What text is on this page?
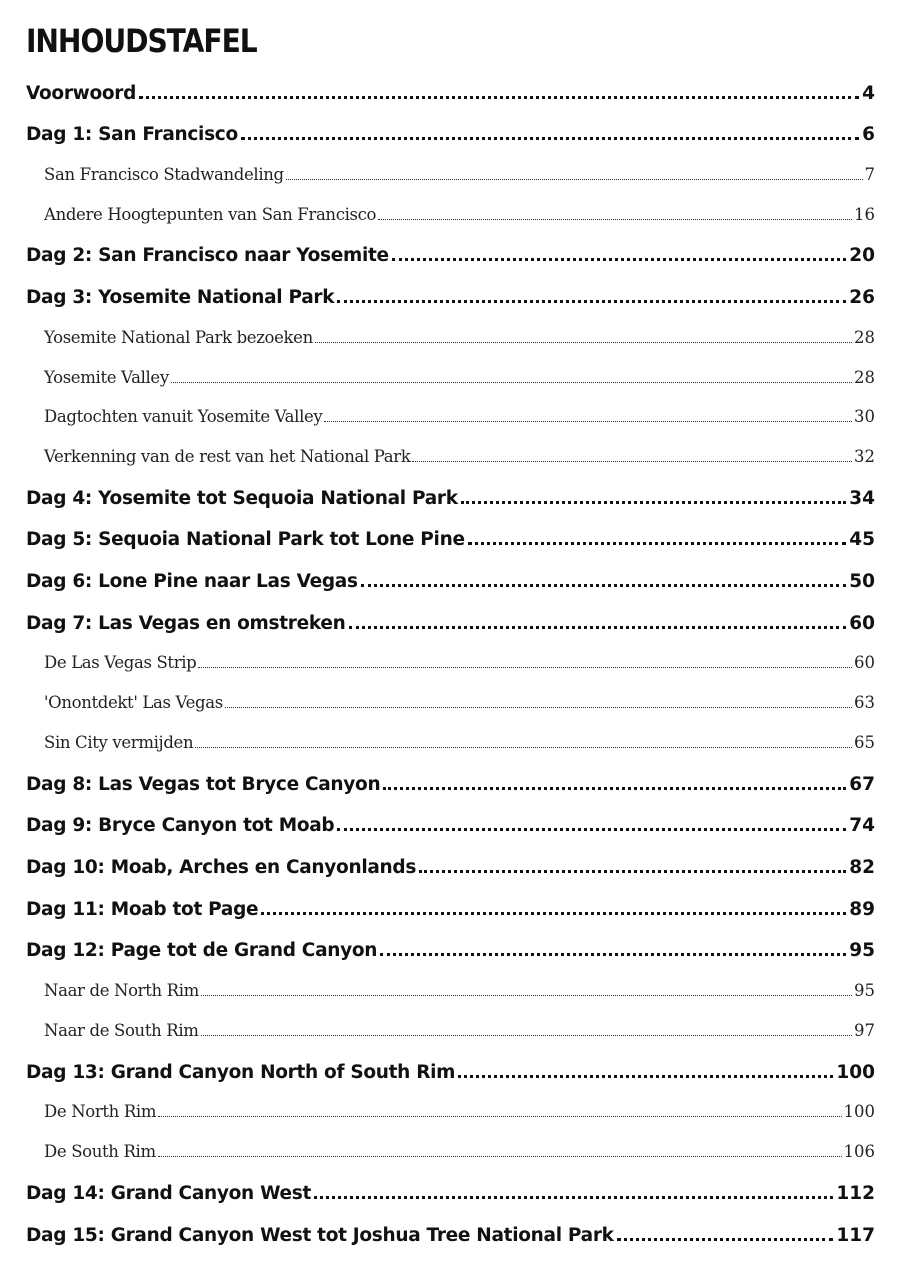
INHOUDSTAFEL
Voorwoord	4
Dag 1: San Francisco	6
San Francisco Stadwandeling	7
Andere Hoogtepunten van San Francisco	16
Dag 2: San Francisco naar Yosemite	20
Dag 3: Yosemite National Park	26
Yosemite National Park bezoeken	28
Yosemite Valley	28
Dagtochten vanuit Yosemite Valley	30
Verkenning van de rest van het National Park	32
Dag 4: Yosemite tot Sequoia National Park	34
Dag 5: Sequoia National Park tot Lone Pine	45
Dag 6: Lone Pine naar Las Vegas	50
Dag 7: Las Vegas en omstreken	60
De Las Vegas Strip	60
'Onontdekt' Las Vegas	63
Sin City vermijden	65
Dag 8: Las Vegas tot Bryce Canyon	67
Dag 9: Bryce Canyon tot Moab	74
Dag 10: Moab, Arches en Canyonlands	82
Dag 11: Moab tot Page	89
Dag 12: Page tot de Grand Canyon	95
Naar de North Rim	95
Naar de South Rim	97
Dag 13: Grand Canyon North of South Rim	100
De North Rim	100
De South Rim	106
Dag 14: Grand Canyon West	112
Dag 15: Grand Canyon West tot Joshua Tree National Park	117
